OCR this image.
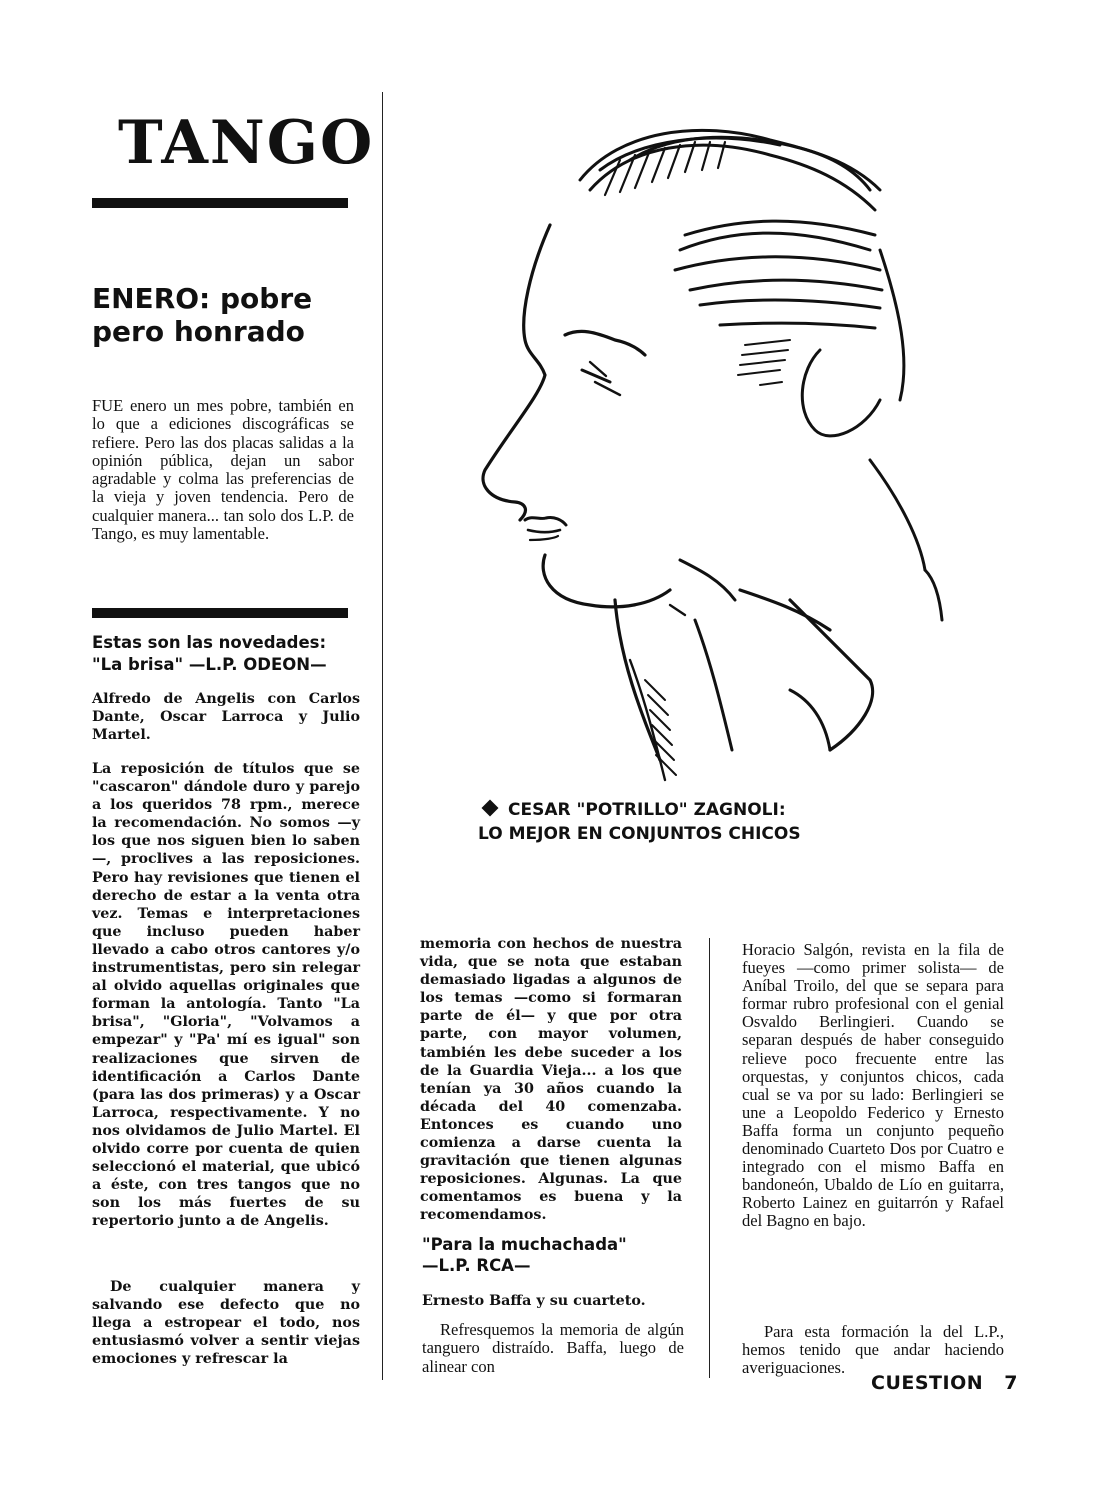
TANGO
ENERO: pobre pero honrado
FUE enero un mes pobre, también en lo que a ediciones discográficas se refiere. Pero las dos placas salidas a la opinión pública, dejan un sabor agradable y colma las preferencias de la vieja y joven tendencia. Pero de cualquier manera... tan solo dos L.P. de Tango, es muy lamentable.
Estas son las novedades:
"La brisa" —L.P. ODEON—
Alfredo de Angelis con Carlos Dante, Oscar Larroca y Julio Martel.
La reposición de títulos que se "cascaron" dándole duro y parejo a los queridos 78 rpm., merece la recomendación. No somos —y los que nos siguen bien lo saben—, proclives a las reposiciones. Pero hay revisiones que tienen el derecho de estar a la venta otra vez. Temas e interpretaciones que incluso pueden haber llevado a cabo otros cantores y/o instrumentistas, pero sin relegar al olvido aquellas originales que forman la antología. Tanto "La brisa", "Gloria", "Volvamos a empezar" y "Pa' mí es igual" son realizaciones que sirven de identificación a Carlos Dante (para las dos primeras) y a Oscar Larroca, respectivamente. Y no nos olvidamos de Julio Martel. El olvido corre por cuenta de quien seleccionó el material, que ubicó a éste, con tres tangos que no son los más fuertes de su repertorio junto a de Angelis.
De cualquier manera y salvando ese defecto que no llega a estropear el todo, nos entusiasmó volver a sentir viejas emociones y refrescar la
CESAR "POTRILLO" ZAGNOLI:
LO MEJOR EN CONJUNTOS CHICOS
memoria con hechos de nuestra vida, que se nota que estaban demasiado ligadas a algunos de los temas —como si formaran parte de él— y que por otra parte, con mayor volumen, también les debe suceder a los de la Guardia Vieja... a los que tenían ya 30 años cuando la década del 40 comenzaba. Entonces es cuando uno comienza a darse cuenta la gravitación que tienen algunas reposiciones. Algunas. La que comentamos es buena y la recomendamos.
"Para la muchachada"
—L.P. RCA—
Ernesto Baffa y su cuarteto.
Refresquemos la memoria de algún tanguero distraído. Baffa, luego de alinear con
Horacio Salgón, revista en la fila de fueyes —como primer solista— de Aníbal Troilo, del que se separa para formar rubro profesional con el genial Osvaldo Berlingieri. Cuando se separan después de haber conseguido relieve poco frecuente entre las orquestas, y conjuntos chicos, cada cual se va por su lado: Berlingieri se une a Leopoldo Federico y Ernesto Baffa forma un conjunto pequeño denominado Cuarteto Dos por Cuatro e integrado con el mismo Baffa en bandoneón, Ubaldo de Lío en guitarra, Roberto Lainez en guitarrón y Rafael del Bagno en bajo.
Para esta formación la del L.P., hemos tenido que andar haciendo averiguaciones.
CUESTION 7
